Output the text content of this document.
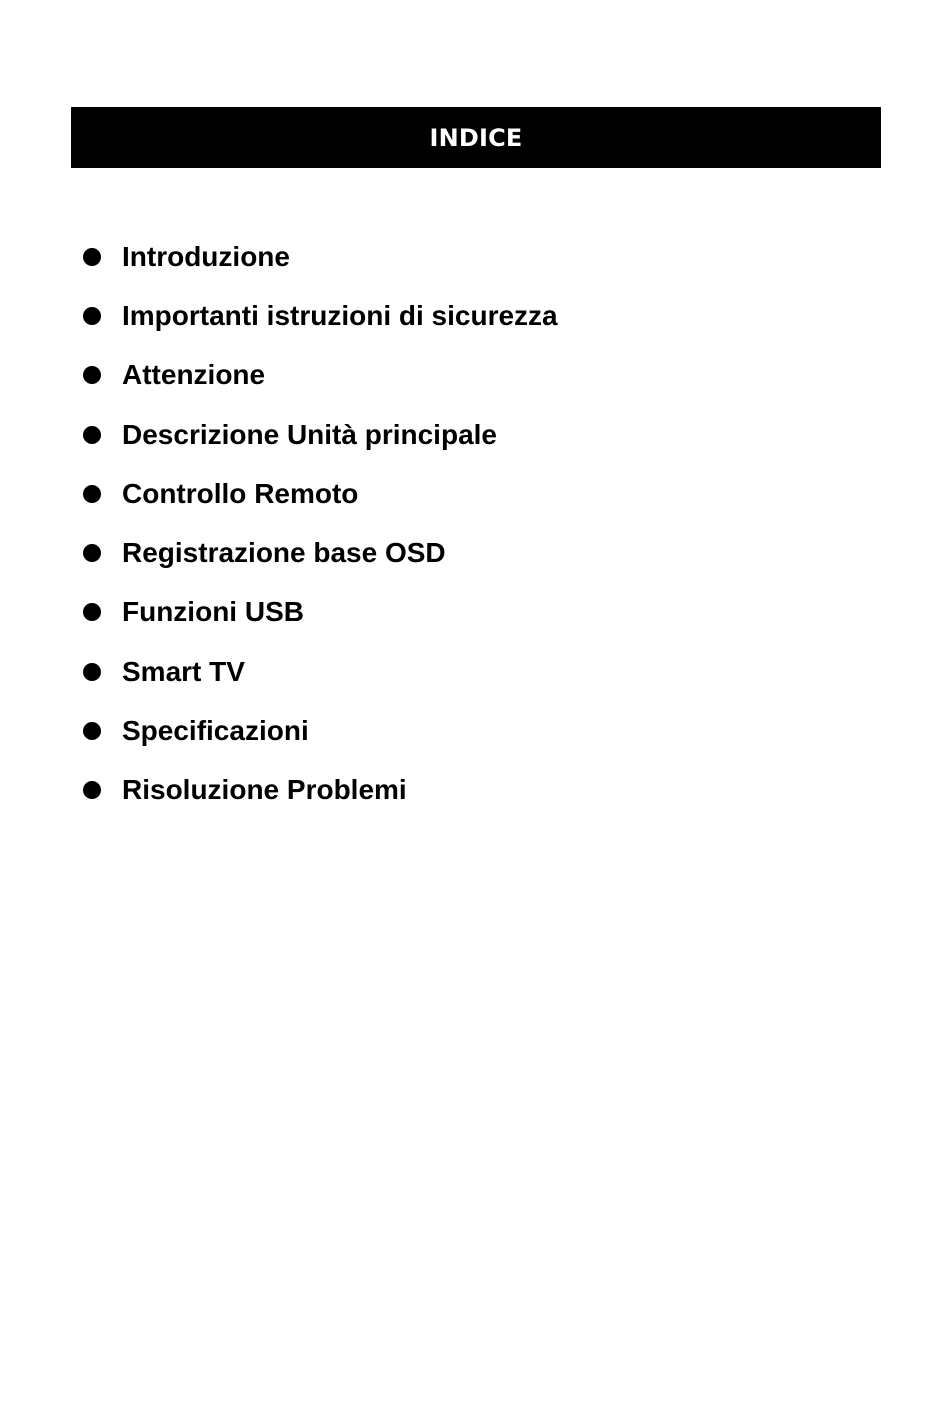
INDICE
Introduzione
Importanti istruzioni di sicurezza
Attenzione
Descrizione Unità principale
Controllo Remoto
Registrazione base OSD
Funzioni USB
Smart TV
Specificazioni
Risoluzione Problemi
